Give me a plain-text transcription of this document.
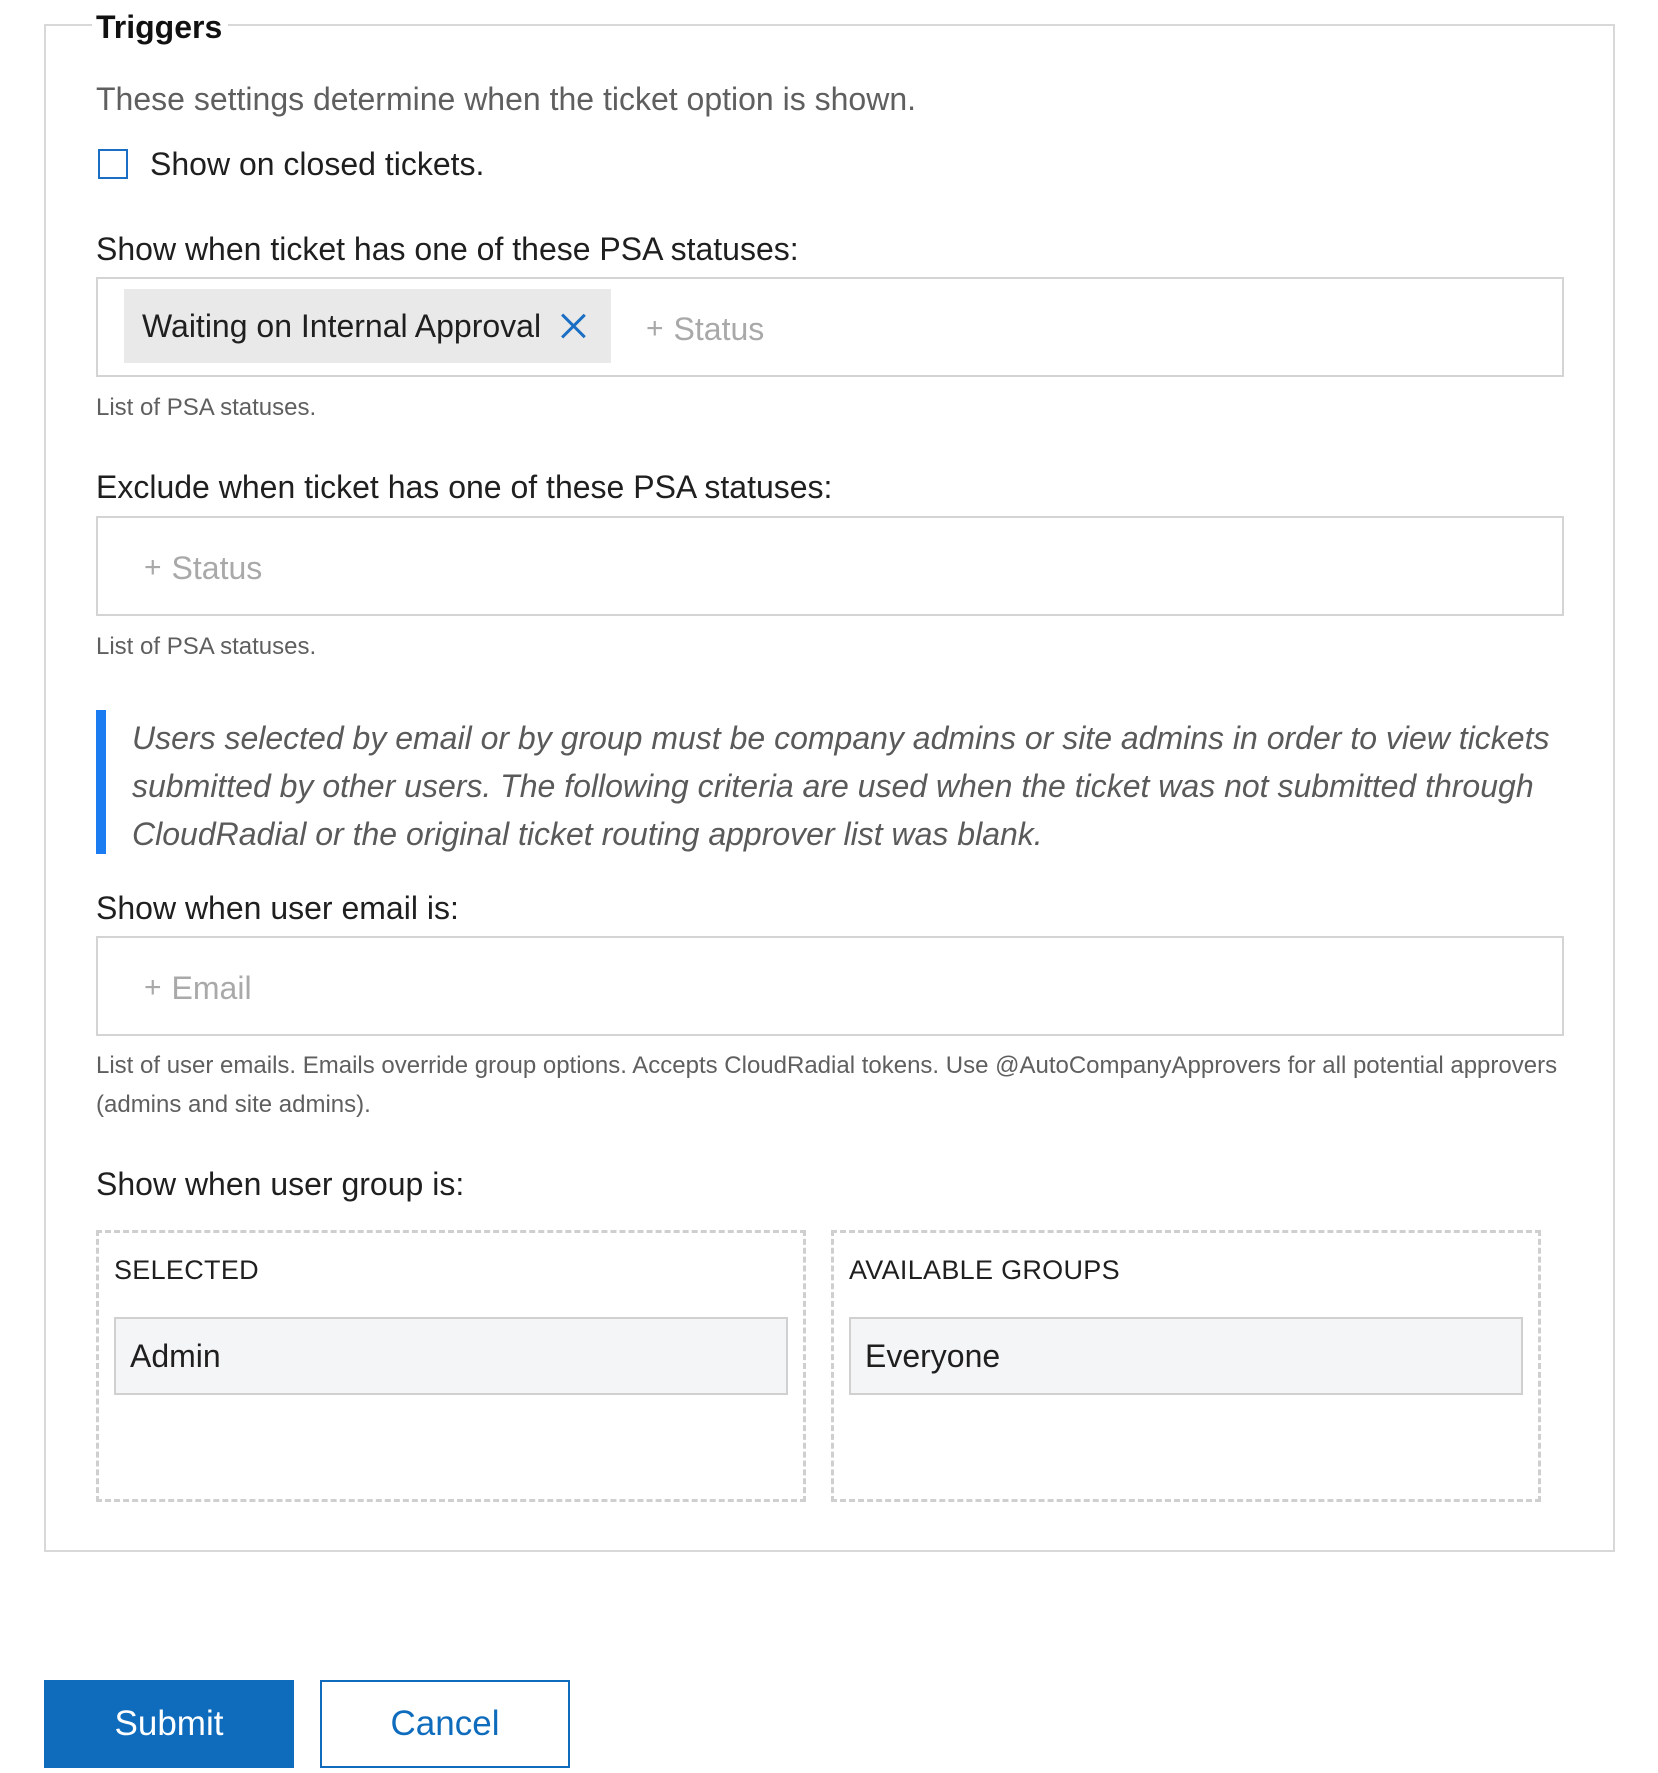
Triggers
These settings determine when the ticket option is shown.
Show on closed tickets.
Show when ticket has one of these PSA statuses:
Waiting on Internal Approval	+ Status
List of PSA statuses.
Exclude when ticket has one of these PSA statuses:
+ Status
List of PSA statuses.
Users selected by email or by group must be company admins or site admins in order to view tickets submitted by other users. The following criteria are used when the ticket was not submitted through CloudRadial or the original ticket routing approver list was blank.
Show when user email is:
+ Email
List of user emails. Emails override group options. Accepts CloudRadial tokens. Use @AutoCompanyApprovers for all potential approvers (admins and site admins).
Show when user group is:
SELECTED
Admin
AVAILABLE GROUPS
Everyone
Submit	Cancel
